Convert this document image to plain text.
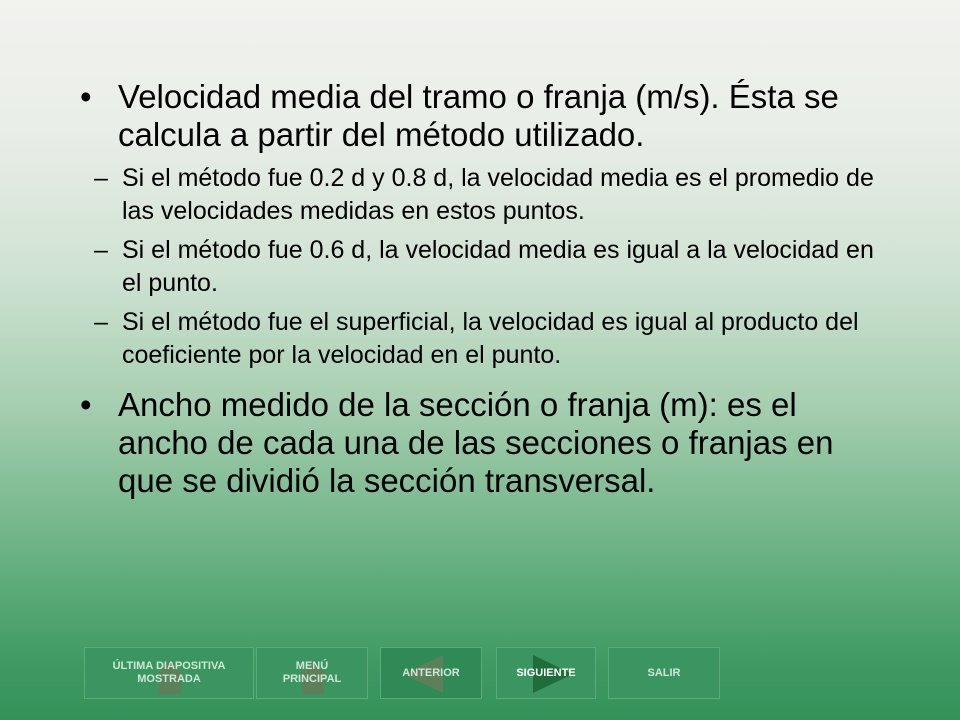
• Velocidad media del tramo o franja (m/s). Ésta se calcula a partir del método utilizado.
– Si el método fue 0.2 d y 0.8 d, la velocidad media es el promedio de las velocidades medidas en estos puntos.
– Si el método fue 0.6 d, la velocidad media es igual a la velocidad en el punto.
– Si el método fue el superficial, la velocidad es igual al producto del coeficiente por la velocidad en el punto.
• Ancho medido de la sección o franja (m): es el ancho de cada una de las secciones o franjas en que se dividió la sección transversal.
ÚLTIMA DIAPOSITIVA MOSTRADA
MENÚ PRINCIPAL
ANTERIOR	SIGUIENTE	SALIR
